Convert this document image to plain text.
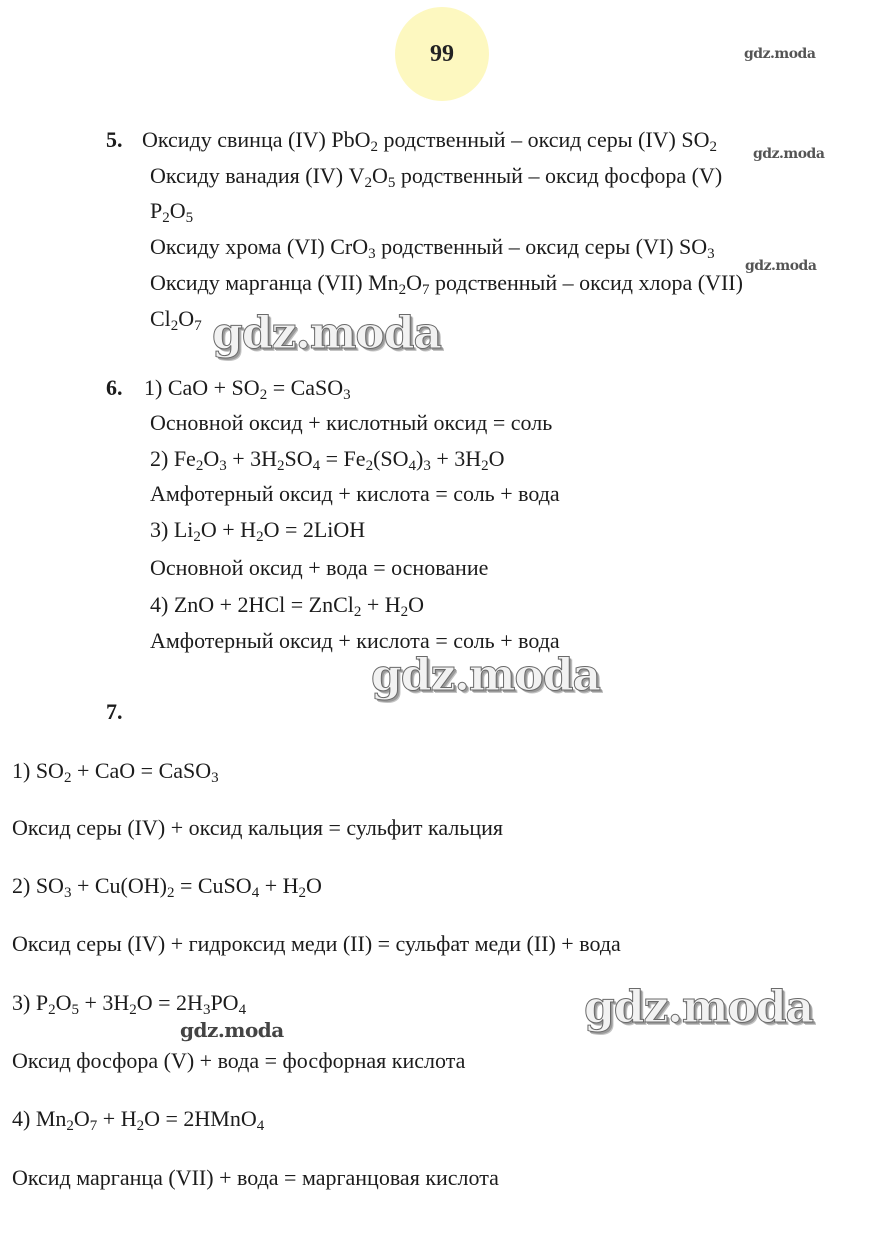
99	gdz.moda
gdz.moda
gdz.moda
gdz.moda
gdz.moda
gdz.moda
gdz.moda
5. Оксиду свинца (IV) PbO$_2$ родственный – оксид серы (IV) $SO_2$
Оксиду ванадия (IV) $V_2O_5$ родственный – оксид фосфора (V)
$P_2O_5$
Оксиду хрома (VI) CrO$_3$ родственный – оксид серы (VI) $SO_3$
Оксиду марганца (VII) $Mn_2O_7$ родственный – оксид хлора (VII)
$Cl_2O_7$
6. 1) CaO + $SO_2$ = CaSO$_3$
Основной оксид + кислотный оксид = соль
2) $Fe_2O_3 + 3H_2SO_4 = Fe_2(SO_4)_3 + 3H_2O$
Амфотерный оксид + кислота = соль + вода
3) $Li_2O + H_2O$ = 2LiOH
Основной оксид + вода = основание
4) ZnO + 2HCl = ZnCl$_2$ + $H_2O$
Амфотерный оксид + кислота = соль + вода
7.
1) $SO_2$ + CaO = CaSO$_3$
Оксид серы (IV) + оксид кальция = сульфит кальция
2) $SO_3 + Cu(OH)_2$ = CuSO$_4$ + $H_2O$
Оксид серы (IV) + гидроксид меди (II) = сульфат меди (II) + вода
3) $P_2O_5 + 3H_2O = 2H_3PO_4$
Оксид фосфора (V) + вода = фосфорная кислота
4) $Mn_2O_7 + H_2O$ = 2HMnO$_4$
Оксид марганца (VII) + вода = марганцовая кислота
